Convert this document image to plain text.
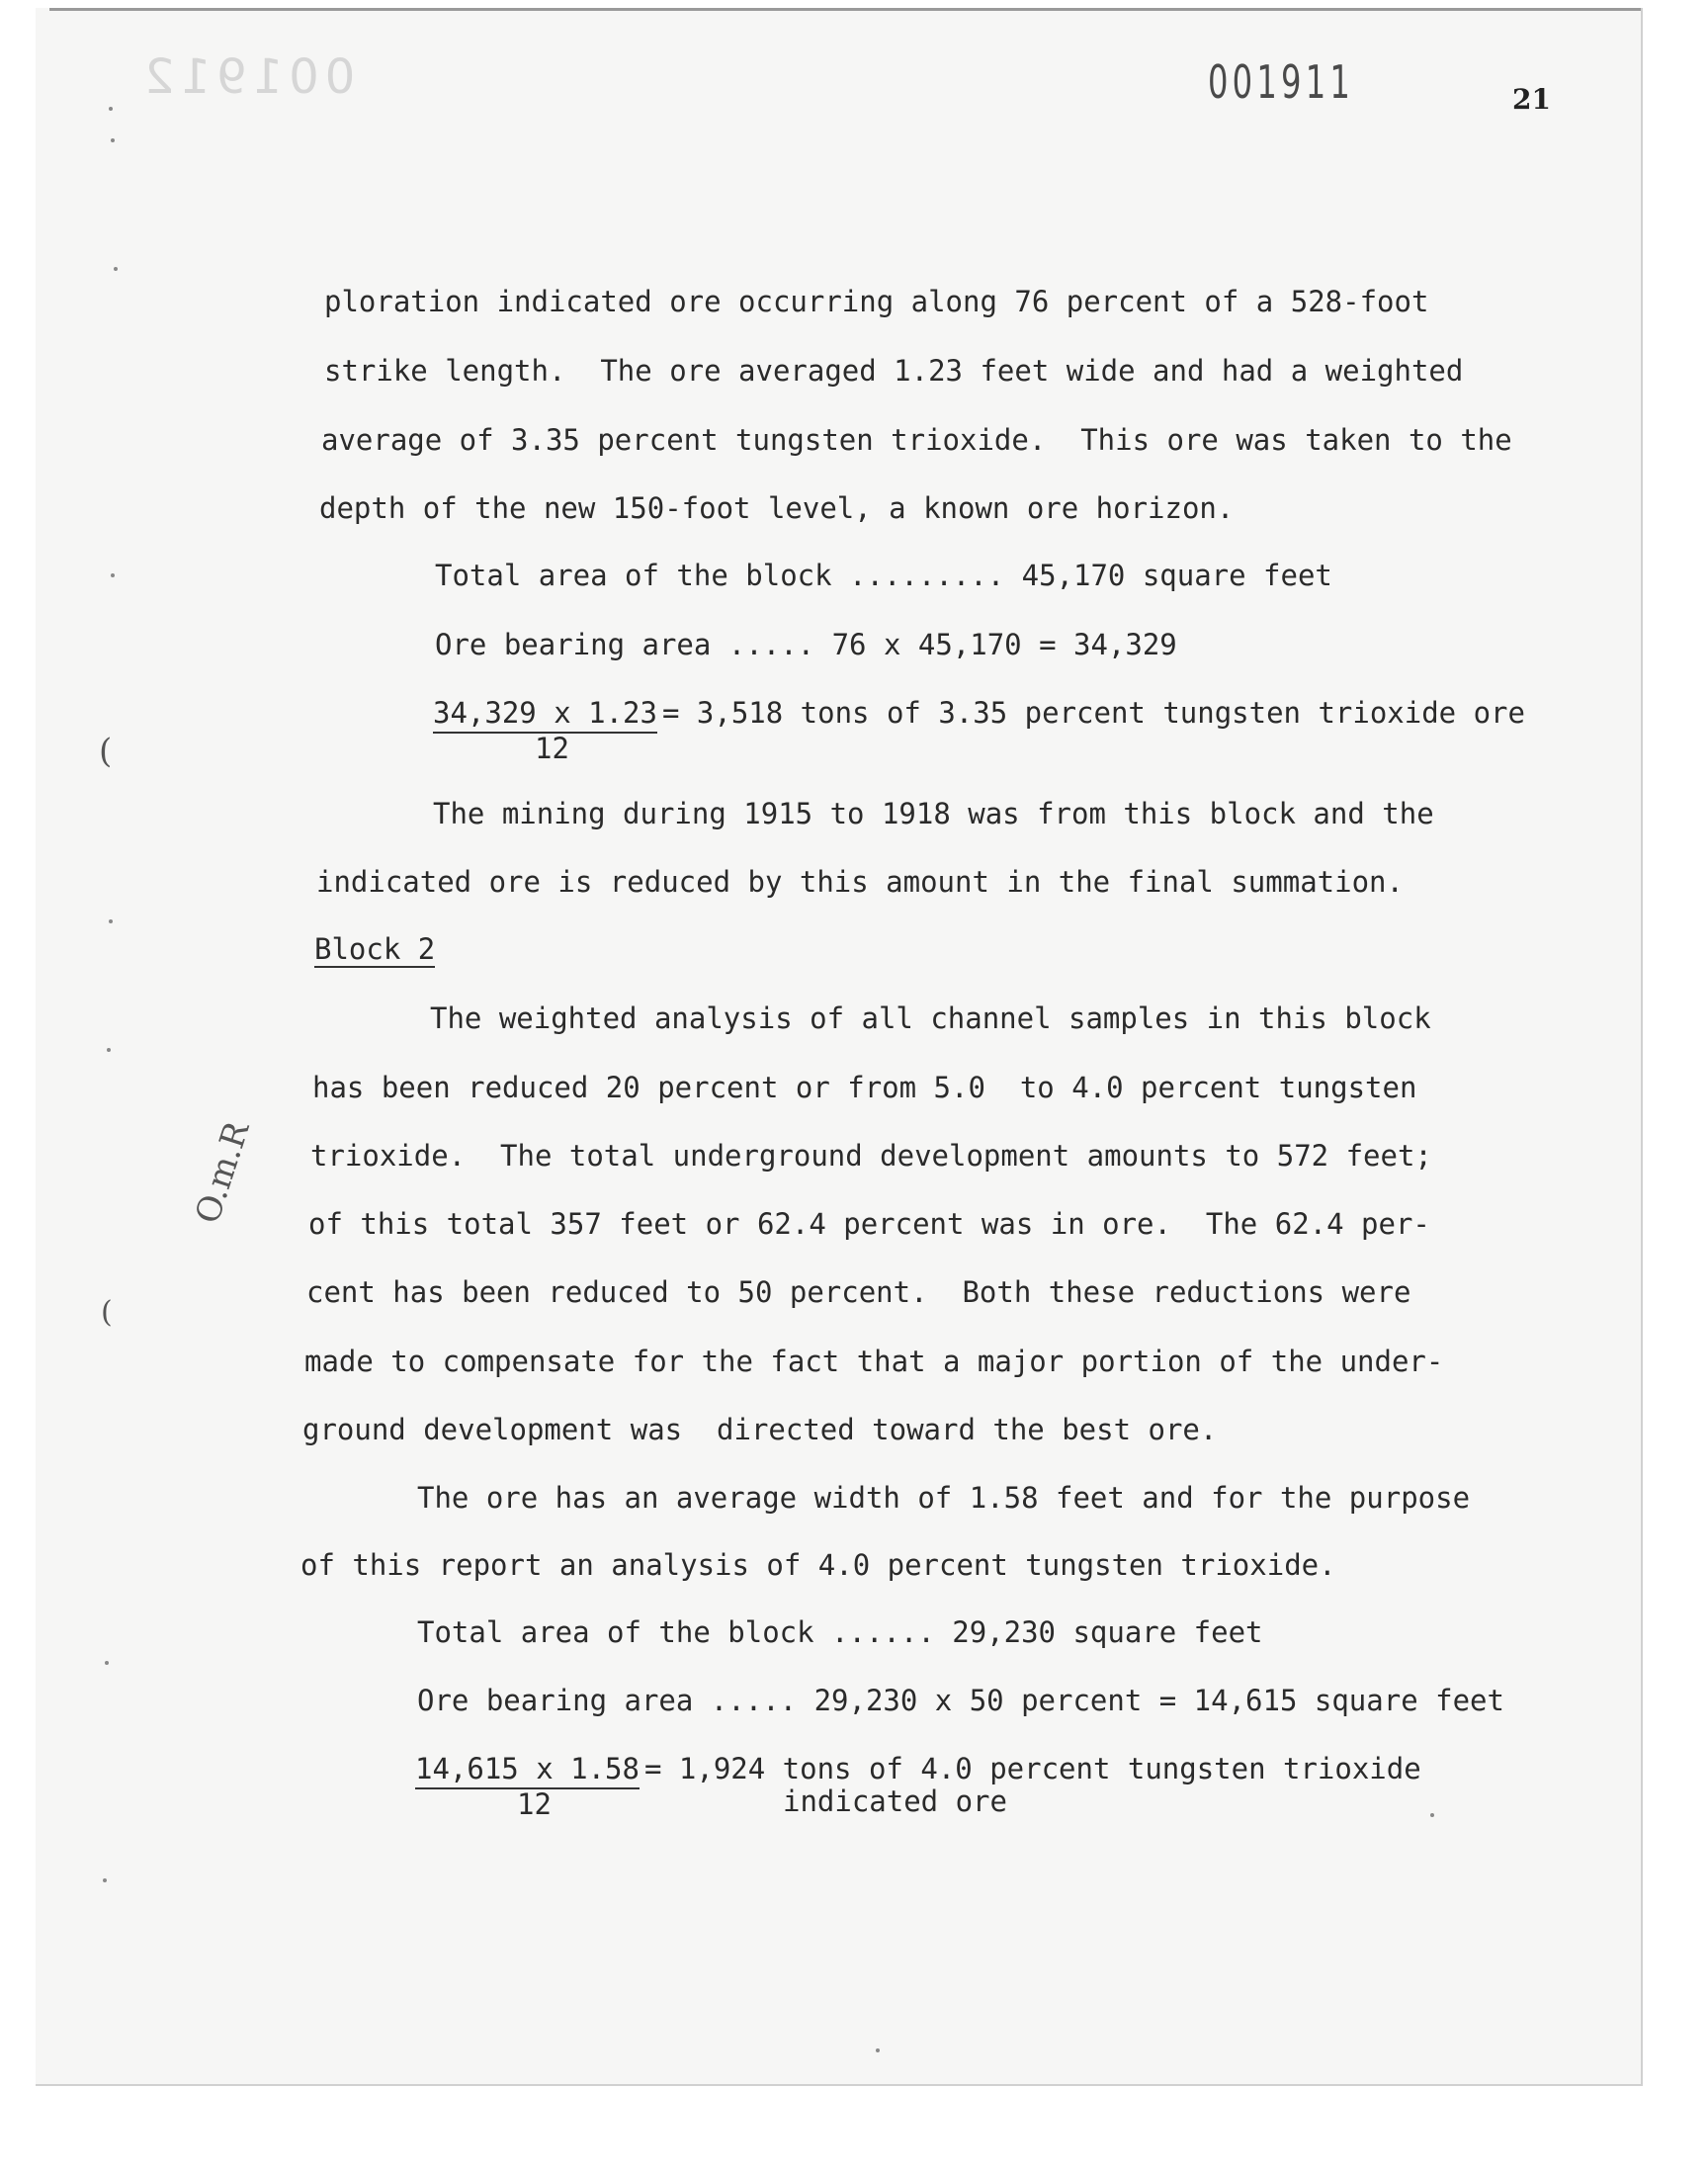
001912	001911	21
ploration indicated ore occurring along 76 percent of a 528-foot
strike length.  The ore averaged 1.23 feet wide and had a weighted
average of 3.35 percent tungsten trioxide.  This ore was taken to the
depth of the new 150-foot level, a known ore horizon.
Total area of the block ......... 45,170 square feet
Ore bearing area ..... 76 x 45,170 = 34,329
$\frac{34,329 x 1.23}{12}$
= 3,518 tons of 3.35 percent tungsten trioxide ore
The mining during 1915 to 1918 was from this block and the
indicated ore is reduced by this amount in the final summation.
Block 2
The weighted analysis of all channel samples in this block
has been reduced 20 percent or from 5.0  to 4.0 percent tungsten
trioxide.  The total underground development amounts to 572 feet;
of this total 357 feet or 62.4 percent was in ore.  The 62.4 per-
cent has been reduced to 50 percent.  Both these reductions were
made to compensate for the fact that a major portion of the under-
ground development was  directed toward the best ore.
The ore has an average width of 1.58 feet and for the purpose
of this report an analysis of 4.0 percent tungsten trioxide.
Total area of the block ...... 29,230 square feet
Ore bearing area ..... 29,230 x 50 percent = 14,615 square feet
$\frac{14,615 x 1.58}{12}$
= 1,924 tons of 4.0 percent tungsten trioxide
indicated ore
O.m.R
(
(
